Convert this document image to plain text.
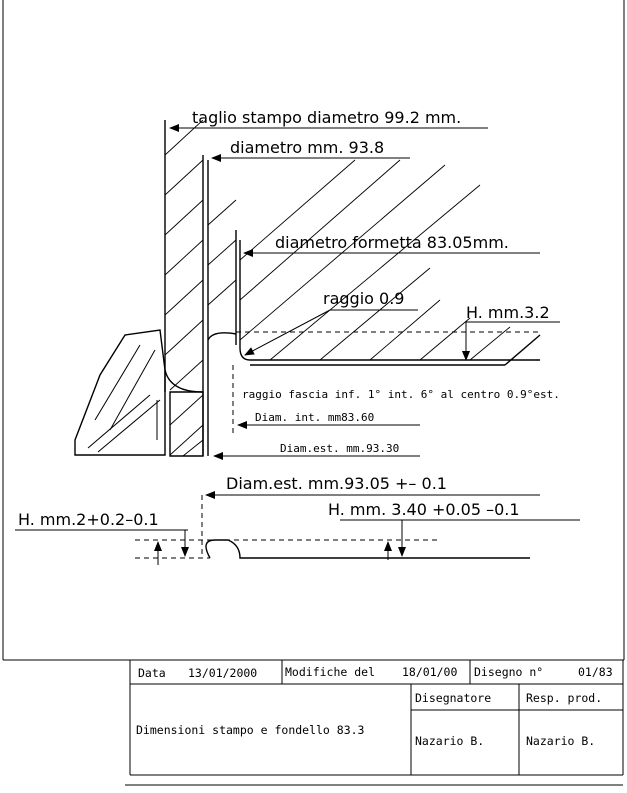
taglio stampo diametro 99.2 mm.
diametro mm. 93.8
diametro formetta 83.05mm.
raggio 0.9
H. mm.3.2
raggio fascia inf. 1° int. 6° al centro 0.9°est.
Diam. int. mm83.60
Diam.est. mm.93.30
Diam.est. mm.93.05 +– 0.1
H. mm.2+0.2–0.1
H. mm. 3.40 +0.05 –0.1
Data 13/01/2000 Modifiche del 18/01/00 Disegno n°	01/83
Disegnatore	Resp. prod.
Dimensioni stampo e fondello 83.3
Nazario B.	Nazario B.
